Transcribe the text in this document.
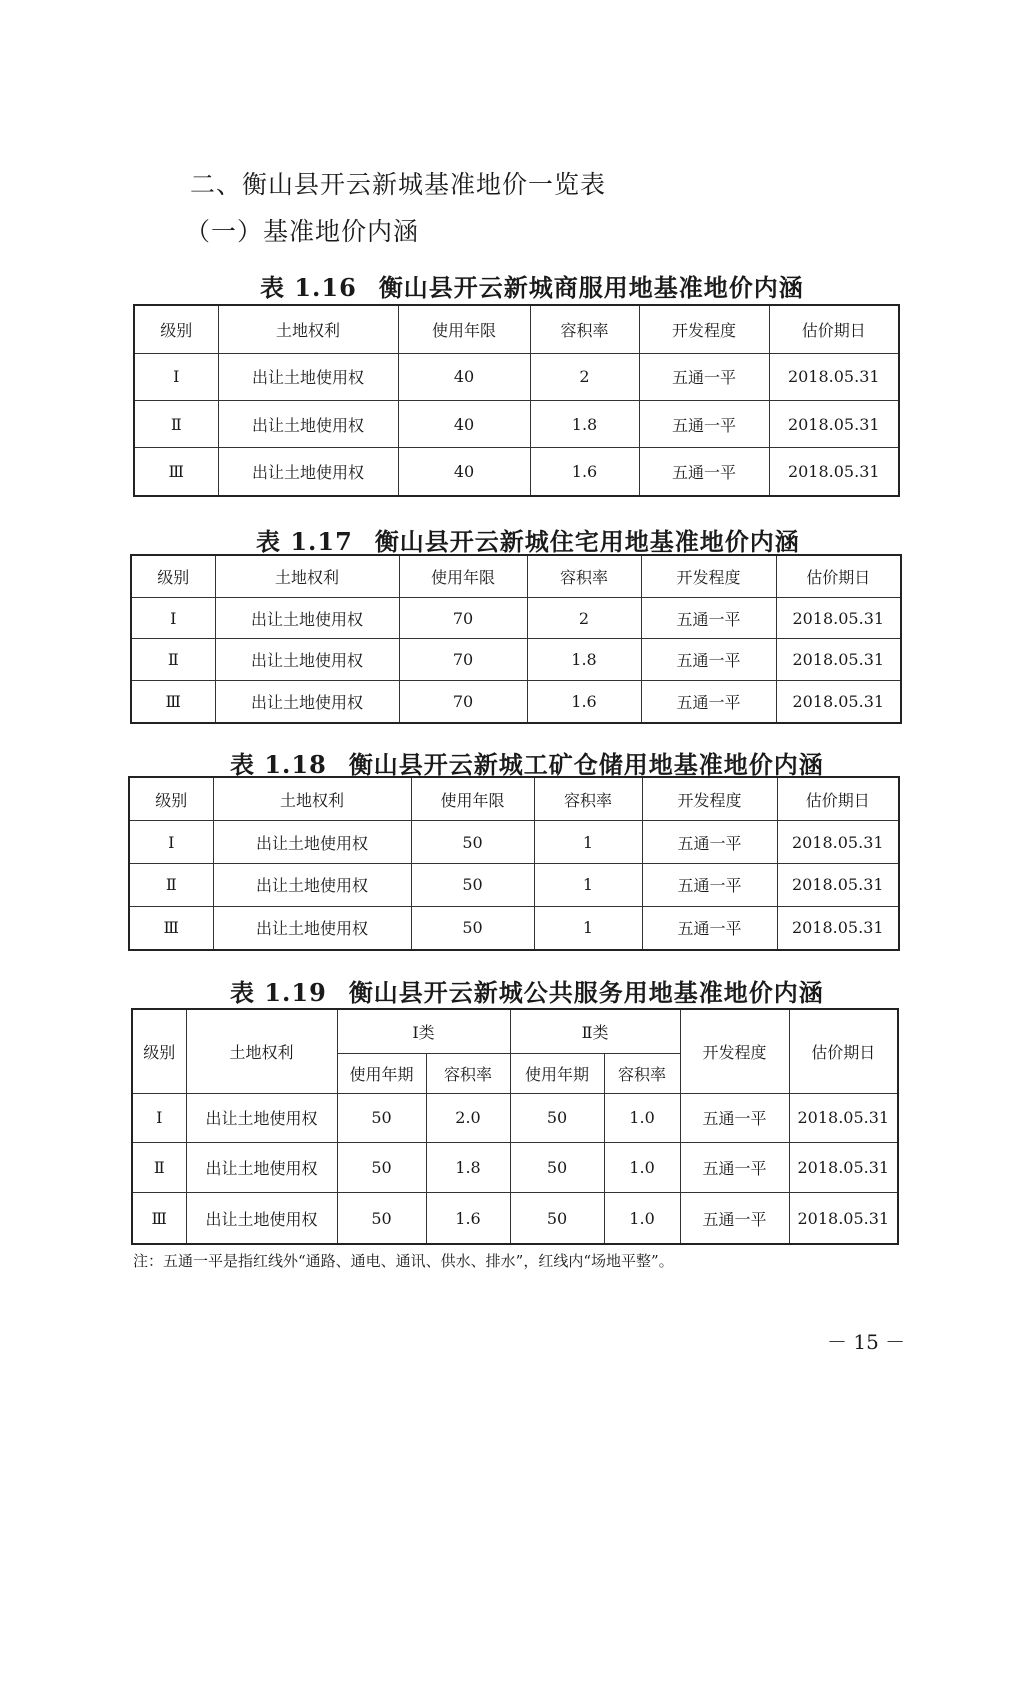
二、衡山县开云新城基准地价一览表
（一）基准地价内涵
表 1.16 衡山县开云新城商服用地基准地价内涵
级别	土地权利	使用年限	容积率	开发程度	估价期日
Ⅰ	出让土地使用权	40	2	五通一平	2018.05.31
Ⅱ	出让土地使用权	40	1.8	五通一平	2018.05.31
Ⅲ	出让土地使用权	40	1.6	五通一平	2018.05.31
表 1.17 衡山县开云新城住宅用地基准地价内涵
级别	土地权利	使用年限	容积率	开发程度	估价期日
Ⅰ	出让土地使用权	70	2	五通一平	2018.05.31
Ⅱ	出让土地使用权	70	1.8	五通一平	2018.05.31
Ⅲ	出让土地使用权	70	1.6	五通一平	2018.05.31
表 1.18 衡山县开云新城工矿仓储用地基准地价内涵
级别	土地权利	使用年限	容积率	开发程度	估价期日
Ⅰ	出让土地使用权	50	1	五通一平	2018.05.31
Ⅱ	出让土地使用权	50	1	五通一平	2018.05.31
Ⅲ	出让土地使用权	50	1	五通一平	2018.05.31
表 1.19 衡山县开云新城公共服务用地基准地价内涵
级别	土地权利	Ⅰ类		Ⅱ类		开发程度	估价期日
		使用年期	容积率	使用年期	容积率		
Ⅰ	出让土地使用权	50	2.0	50	1.0	五通一平	2018.05.31
Ⅱ	出让土地使用权	50	1.8	50	1.0	五通一平	2018.05.31
Ⅲ	出让土地使用权	50	1.6	50	1.0	五通一平	2018.05.31
注：五通一平是指红线外“通路、通电、通讯、供水、排水”，红线内“场地平整”。
－ 15 －
